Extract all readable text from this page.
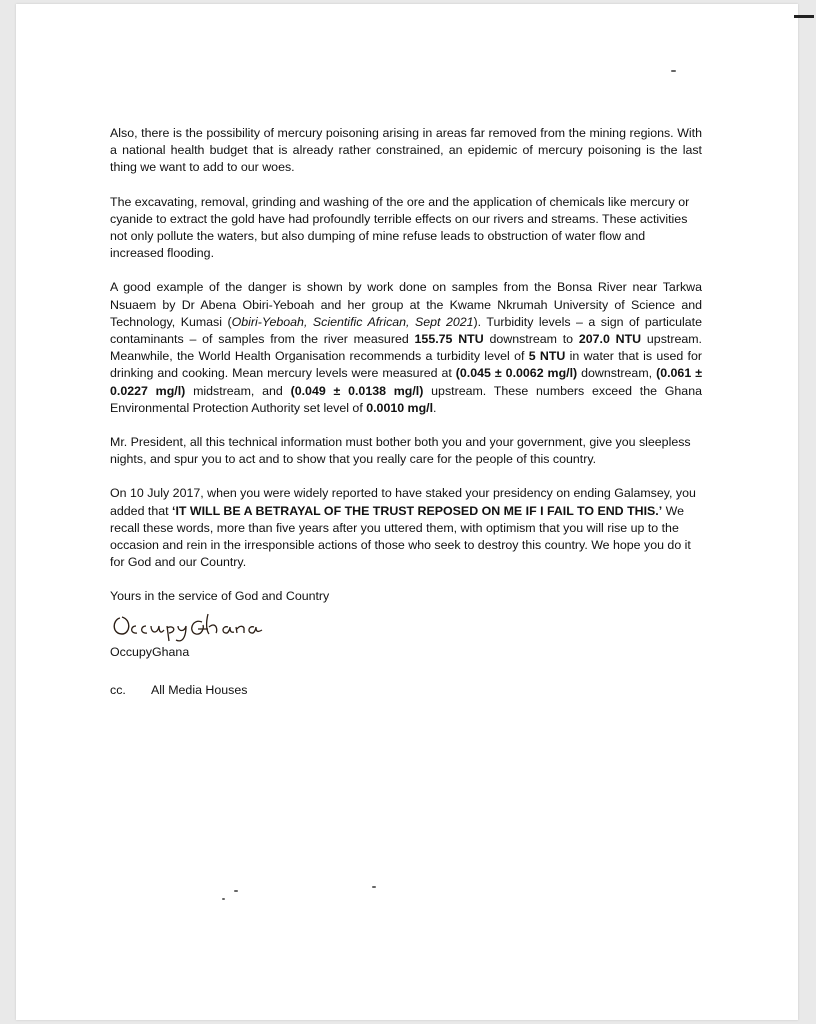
Also, there is the possibility of mercury poisoning arising in areas far removed from the mining regions. With a national health budget that is already rather constrained, an epidemic of mercury poisoning is the last thing we want to add to our woes.

The excavating, removal, grinding and washing of the ore and the application of chemicals like mercury or cyanide to extract the gold have had profoundly terrible effects on our rivers and streams. These activities not only pollute the waters, but also dumping of mine refuse leads to obstruction of water flow and increased flooding.

A good example of the danger is shown by work done on samples from the Bonsa River near Tarkwa Nsuaem by Dr Abena Obiri-Yeboah and her group at the Kwame Nkrumah University of Science and Technology, Kumasi (Obiri-Yeboah, Scientific African, Sept 2021). Turbidity levels – a sign of particulate contaminants – of samples from the river measured 155.75 NTU downstream to 207.0 NTU upstream. Meanwhile, the World Health Organisation recommends a turbidity level of 5 NTU in water that is used for drinking and cooking. Mean mercury levels were measured at (0.045 ± 0.0062 mg/l) downstream, (0.061 ± 0.0227 mg/l) midstream, and (0.049 ± 0.0138 mg/l) upstream. These numbers exceed the Ghana Environmental Protection Authority set level of 0.0010 mg/l.

Mr. President, all this technical information must bother both you and your government, give you sleepless nights, and spur you to act and to show that you really care for the people of this country.

On 10 July 2017, when you were widely reported to have staked your presidency on ending Galamsey, you added that ‘IT WILL BE A BETRAYAL OF THE TRUST REPOSED ON ME IF I FAIL TO END THIS.’ We recall these words, more than five years after you uttered them, with optimism that you will rise up to the occasion and rein in the irresponsible actions of those who seek to destroy this country. We hope you do it for God and our Country.

Yours in the service of God and Country

OccupyGhana

cc.	All Media Houses
